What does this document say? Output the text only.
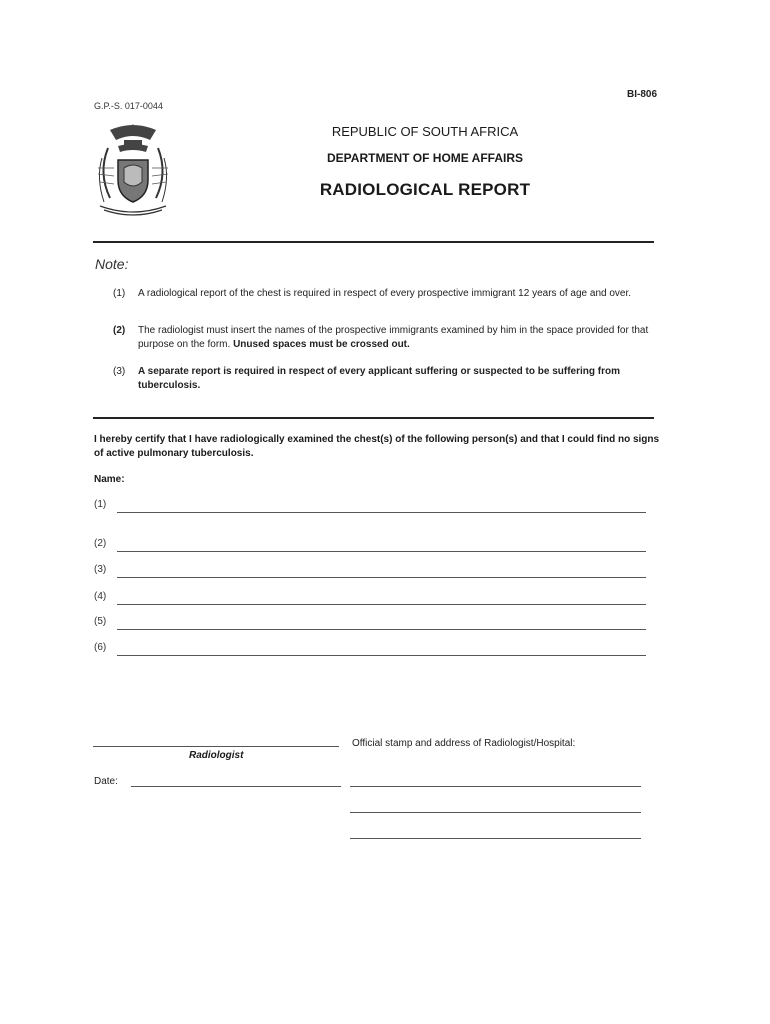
BI-806
G.P.-S. 017-0044
REPUBLIC OF SOUTH AFRICA
DEPARTMENT OF HOME AFFAIRS
RADIOLOGICAL REPORT
Note:
(1) A radiological report of the chest is required in respect of every prospective immigrant 12 years of age and over.
(2) The radiologist must insert the names of the prospective immigrants examined by him in the space provided for that purpose on the form. Unused spaces must be crossed out.
(3) A separate report is required in respect of every applicant suffering or suspected to be suffering from tuberculosis.
I hereby certify that I have radiologically examined the chest(s) of the following person(s) and that I could find no signs of active pulmonary tuberculosis.
Name:
(1)
(2)
(3)
(4)
(5)
(6)
Radiologist
Official stamp and address of Radiologist/Hospital:
Date:
